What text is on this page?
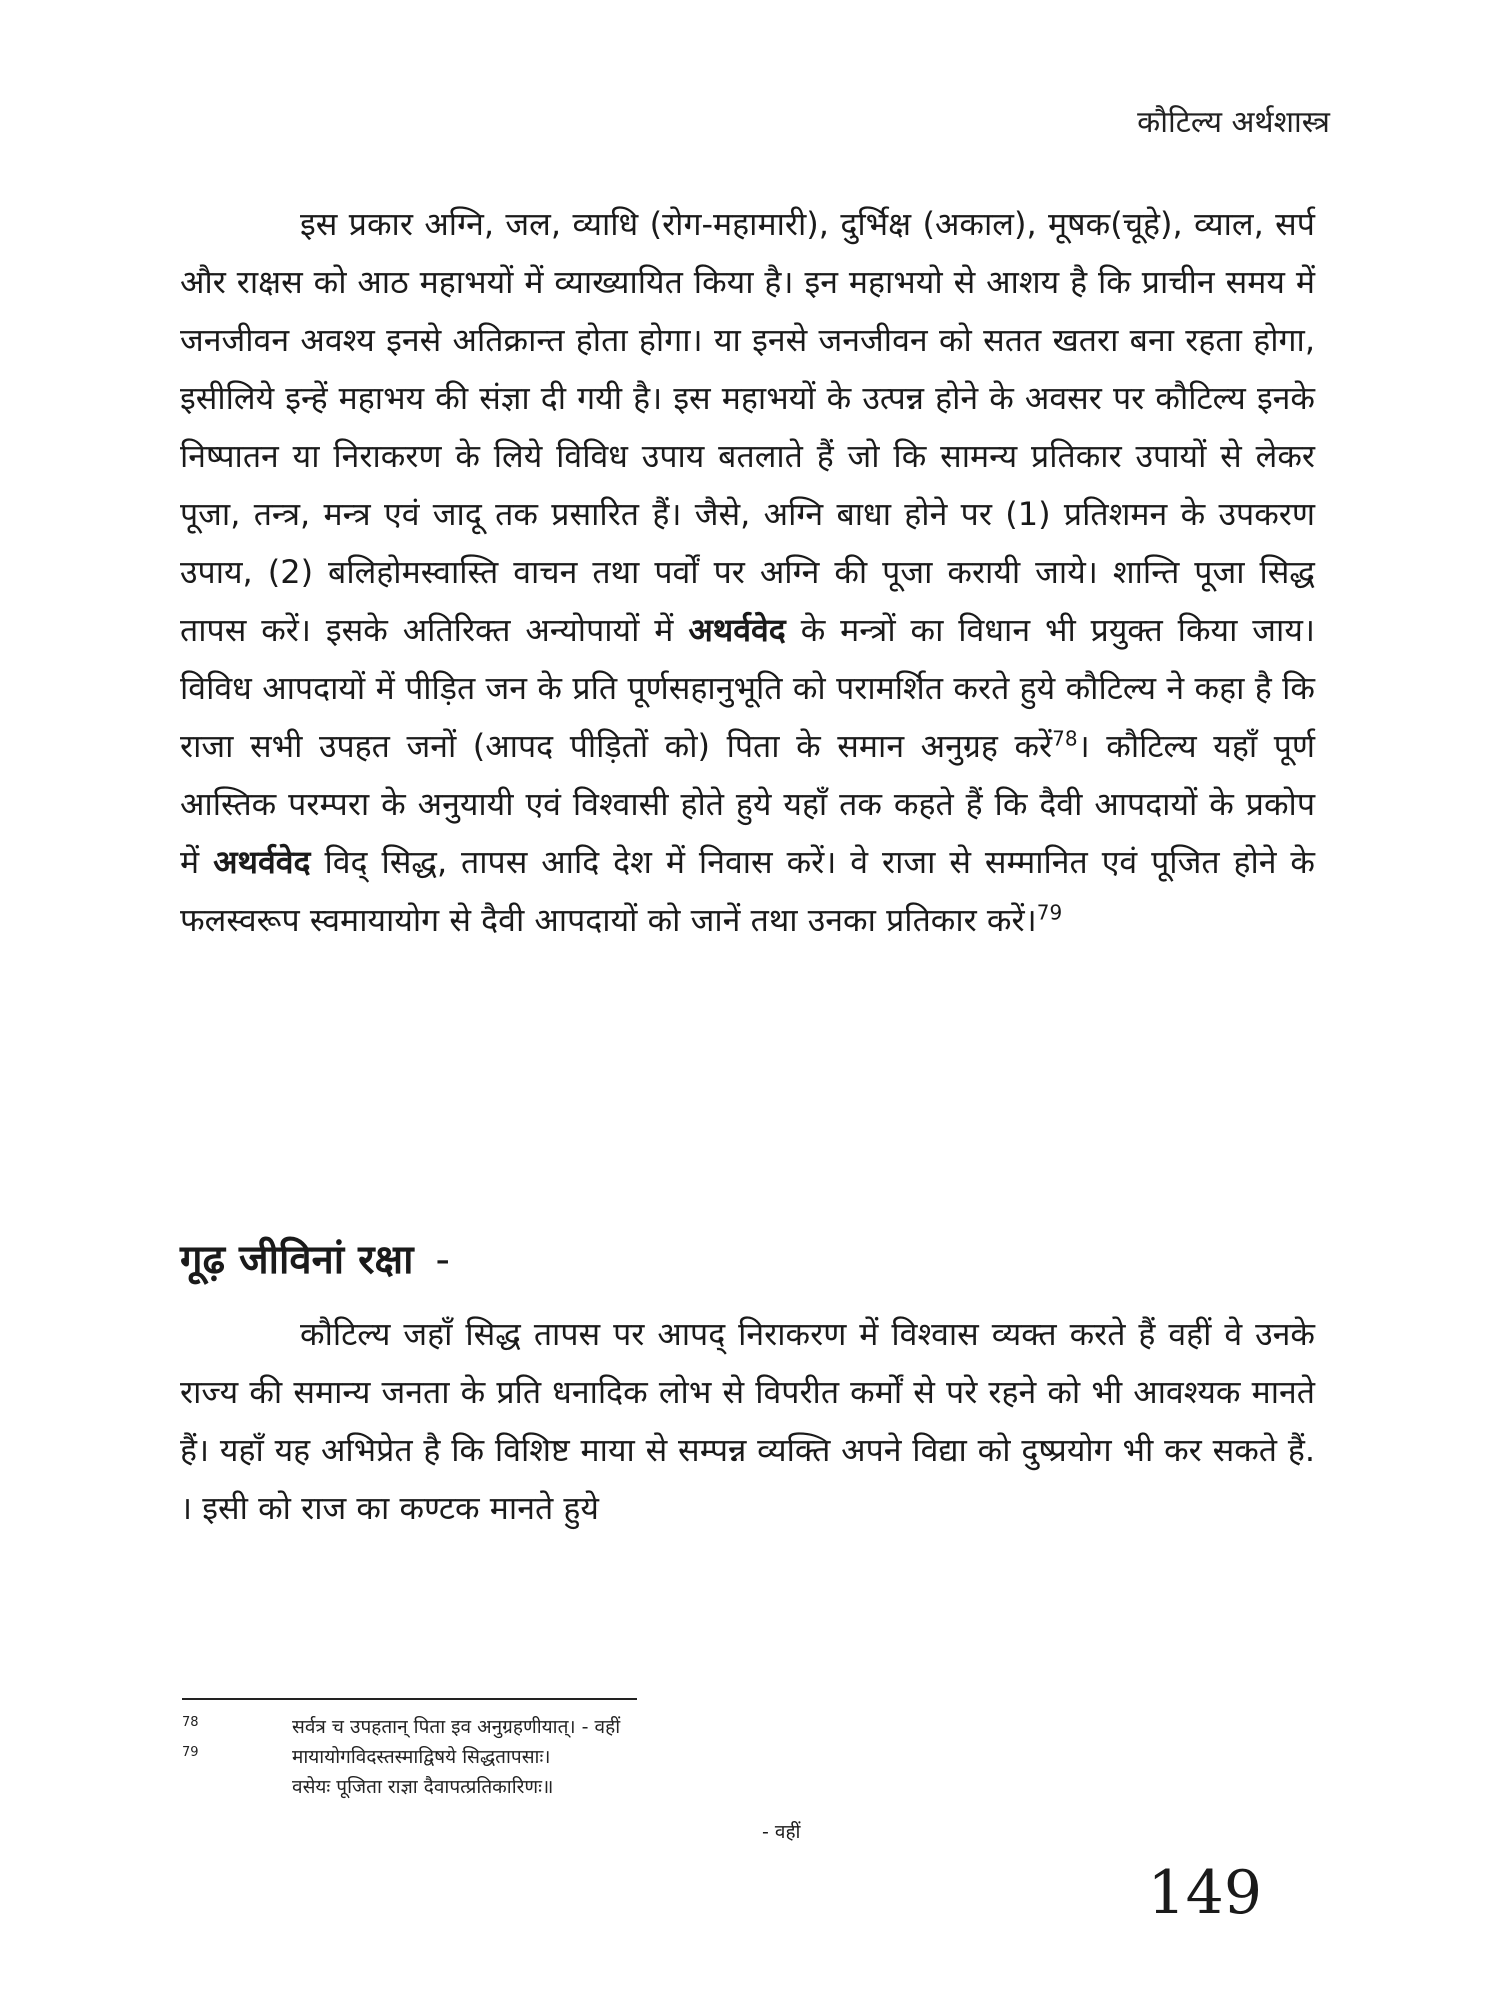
कौटिल्य अर्थशास्त्र

इस प्रकार अग्नि, जल, व्याधि (रोग-महामारी), दुर्भिक्ष (अकाल), मूषक(चूहे), व्याल, सर्प और राक्षस को आठ महाभयों में व्याख्यायित किया है। इन महाभयो से आशय है कि प्राचीन समय में जनजीवन अवश्य इनसे अतिक्रान्त होता होगा। या इनसे जनजीवन को सतत खतरा बना रहता होगा, इसीलिये इन्हें महाभय की संज्ञा दी गयी है। इस महाभयों के उत्पन्न होने के अवसर पर कौटिल्य इनके निष्पातन या निराकरण के लिये विविध उपाय बतलाते हैं जो कि सामन्य प्रतिकार उपायों से लेकर पूजा, तन्त्र, मन्त्र एवं जादू तक प्रसारित हैं। जैसे, अग्नि बाधा होने पर (1) प्रतिशमन के उपकरण उपाय, (2) बलिहोमस्वास्ति वाचन तथा पर्वों पर अग्नि की पूजा करायी जाये। शान्ति पूजा सिद्ध तापस करें। इसके अतिरिक्त अन्योपायों में अथर्ववेद के मन्त्रों का विधान भी प्रयुक्त किया जाय। विविध आपदायों में पीड़ित जन के प्रति पूर्णसहानुभूति को परामर्शित करते हुये कौटिल्य ने कहा है कि राजा सभी उपहत जनों (आपद पीड़ितों को) पिता के समान अनुग्रह करें$^{78}$। कौटिल्य यहाँ पूर्ण आस्तिक परम्परा के अनुयायी एवं विश्वासी होते हुये यहाँ तक कहते हैं कि दैवी आपदायों के प्रकोप में अथर्ववेद विद् सिद्ध, तापस आदि देश में निवास करें। वे राजा से सम्मानित एवं पूजित होने के फलस्वरूप स्वमायायोग से दैवी आपदायों को जानें तथा उनका प्रतिकार करें।$^{79}$

गूढ़ जीविनां रक्षा -

कौटिल्य जहाँ सिद्ध तापस पर आपद् निराकरण में विश्वास व्यक्त करते हैं वहीं वे उनके राज्य की समान्य जनता के प्रति धनादिक लोभ से विपरीत कर्मों से परे रहने को भी आवश्यक मानते हैं। यहाँ यह अभिप्रेत है कि विशिष्ट माया से सम्पन्न व्यक्ति अपने विद्या को दुष्प्रयोग भी कर सकते हैं. । इसी को राज का कण्टक मानते हुये

78	सर्वत्र च उपहतान् पिता इव अनुग्रहणीयात्। - वहीं
79	मायायोगविदस्तस्माद्विषये सिद्धतापसाः।
वसेयः पूजिता राज्ञा दैवापत्प्रतिकारिणः॥
- वहीं
149
